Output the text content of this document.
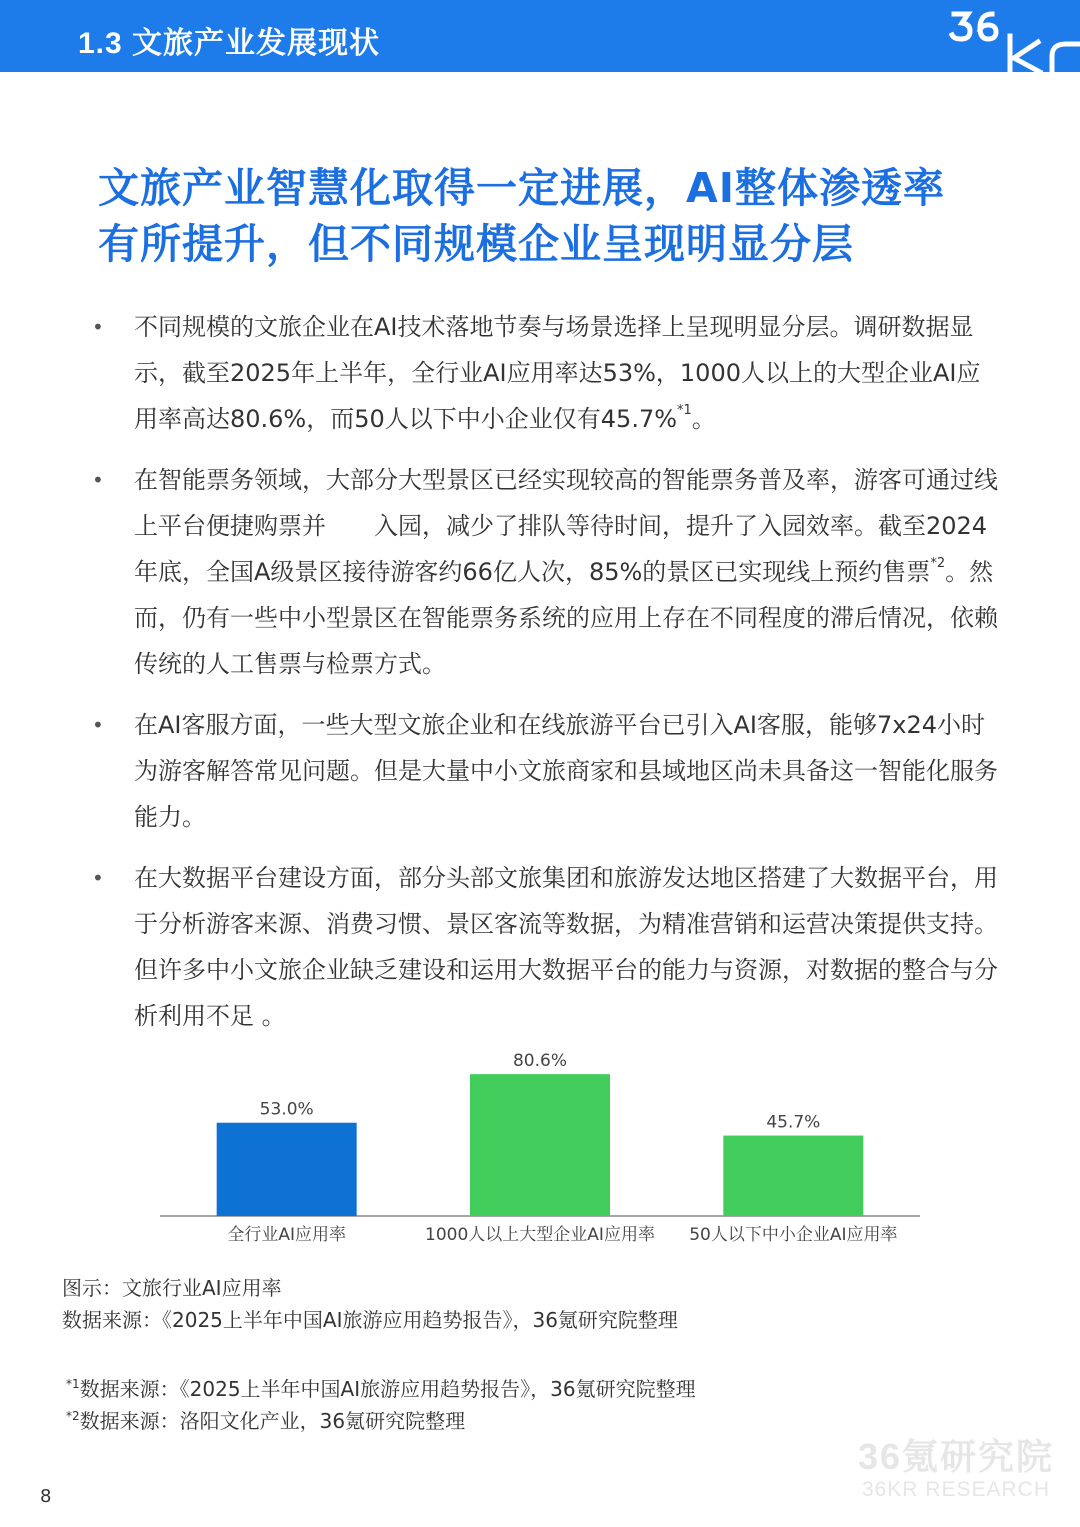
1.3 文旅产业发展现状
文旅产业智慧化取得一定进展，AI整体渗透率
有所提升，但不同规模企业呈现明显分层
• 不同规模的文旅企业在AI技术落地节奏与场景选择上呈现明显分层。调研数据显示，截至2025年上半年，全行业AI应用率达53%，1000人以上的大型企业AI应用率高达80.6%，而50人以下中小企业仅有45.7%$^{*1}$。
• 在智能票务领域，大部分大型景区已经实现较高的智能票务普及率，游客可通过线上平台便捷购票并　　入园，减少了排队等待时间，提升了入园效率。截至2024年底，全国A级景区接待游客约66亿人次，85%的景区已实现线上预约售票$^{*2}$。然而，仍有一些中小型景区在智能票务系统的应用上存在不同程度的滞后情况，依赖传统的人工售票与检票方式。
• 在AI客服方面，一些大型文旅企业和在线旅游平台已引入AI客服，能够7x24小时为游客解答常见问题。但是大量中小文旅商家和县域地区尚未具备这一智能化服务能力。
• 在大数据平台建设方面，部分头部文旅集团和旅游发达地区搭建了大数据平台，用于分析游客来源、消费习惯、景区客流等数据，为精准营销和运营决策提供支持。但许多中小文旅企业缺乏建设和运用大数据平台的能力与资源，对数据的整合与分析利用不足 。
53.0%
全行业AI应用率
80.6%
1000人以上大型企业AI应用率
45.7%
50人以下中小企业AI应用率
图示：文旅行业AI应用率
数据来源：《2025上半年中国AI旅游应用趋势报告》，36氪研究院整理
$^{*1}$数据来源：《2025上半年中国AI旅游应用趋势报告》，36氪研究院整理
$^{*2}$数据来源：洛阳文化产业，36氪研究院整理
36氪研究院
36KR RESEARCH
8
